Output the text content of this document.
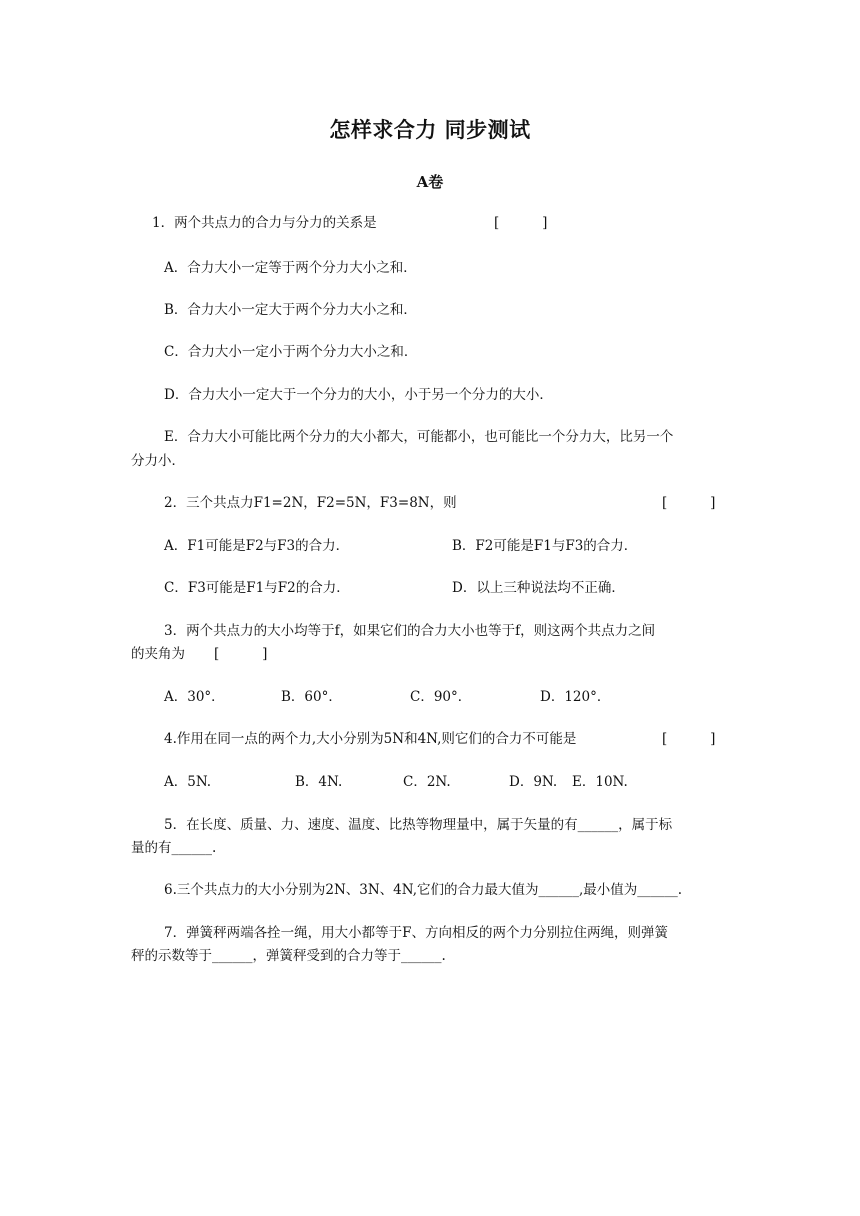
怎样求合力 同步测试
A卷
1．两个共点力的合力与分力的关系是	[          ]
A．合力大小一定等于两个分力大小之和．
B．合力大小一定大于两个分力大小之和．
C．合力大小一定小于两个分力大小之和．
D．合力大小一定大于一个分力的大小，小于另一个分力的大小．
E．合力大小可能比两个分力的大小都大，可能都小，也可能比一个分力大，比另一个
分力小．
2．三个共点力F1=2N，F2=5N，F3=8N，则	[          ]
A．F1可能是F2与F3的合力．	B．F2可能是F1与F3的合力．
C．F3可能是F1与F2的合力．	D．以上三种说法均不正确．
3．两个共点力的大小均等于f，如果它们的合力大小也等于f，则这两个共点力之间
的夹角为 [          ]
A．30°．	B．60°．	C．90°．	D．120°．
4.作用在同一点的两个力,大小分别为5N和4N,则它们的合力不可能是	[          ]
A．5N.	B．4N.	C．2N.	D．9N. E．10N.
5．在长度、质量、力、速度、温度、比热等物理量中，属于矢量的有______，属于标
量的有______.
6.三个共点力的大小分别为2N、3N、4N,它们的合力最大值为______,最小值为______.
7．弹簧秤两端各拴一绳，用大小都等于F、方向相反的两个力分别拉住两绳，则弹簧
秤的示数等于______，弹簧秤受到的合力等于______.
